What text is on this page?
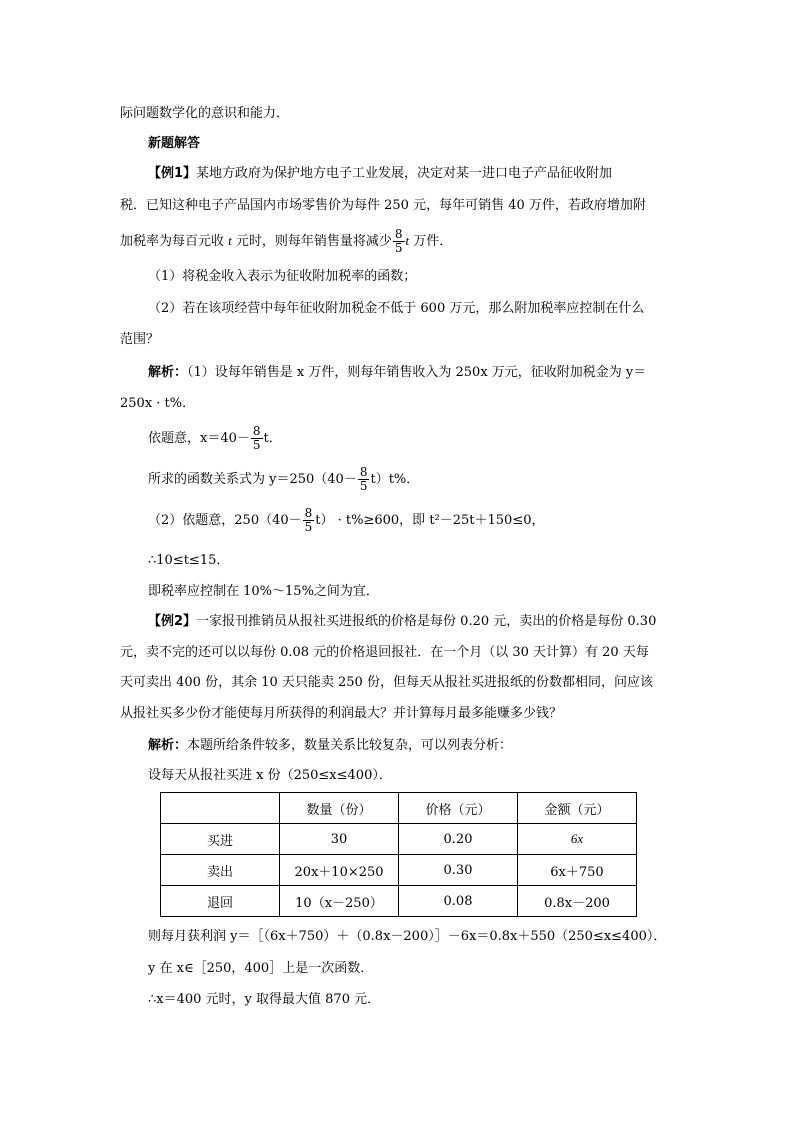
际问题数学化的意识和能力．
新题解答
【例1】某地方政府为保护地方电子工业发展，决定对某一进口电子产品征收附加
税．已知这种电子产品国内市场零售价为每件 250 元，每年可销售 40 万件，若政府增加附
加税率为每百元收 t 元时，则每年销售量将减少 $\frac{8}{5}$ t 万件．
（1）将税金收入表示为征收附加税率的函数；
（2）若在该项经营中每年征收附加税金不低于 600 万元，那么附加税率应控制在什么
范围？
解析：（1）设每年销售是 x 万件，则每年销售收入为 250x 万元，征收附加税金为 y＝
250x · t%．
依题意，$x=40- \frac{8}{5}$ t．
所求的函数关系式为 $y=250(40- \frac{8}{5} t)t\%$．
（2）依题意，$250(40- \frac{8}{5} t) \cdot t\%\ge 600$，即 t²－25t＋150≤0，
∴10≤t≤15．
即税率应控制在 10%～15%之间为宜．
【例2】一家报刊推销员从报社买进报纸的价格是每份 0.20 元，卖出的价格是每份 0.30
元，卖不完的还可以以每份 0.08 元的价格退回报社．在一个月（以 30 天计算）有 20 天每
天可卖出 400 份，其余 10 天只能卖 250 份，但每天从报社买进报纸的份数都相同，问应该
从报社买多少份才能使每月所获得的利润最大？并计算每月最多能赚多少钱？
解析：本题所给条件较多，数量关系比较复杂，可以列表分析：
设每天从报社买进 x 份（250≤x≤400）．
	数量（份）	价格（元）	金额（元）
买进	30	0.20	6x
卖出	20x＋10×250	0.30	6x＋750
退回	10（x－250）	0.08	0.8x－200
则每月获利润 y＝［（6x＋750）＋（0.8x－200）］－6x＝0.8x＋550（250≤x≤400）．
y 在 x∈［250，400］上是一次函数．
∴x＝400 元时，y 取得最大值 870 元．
